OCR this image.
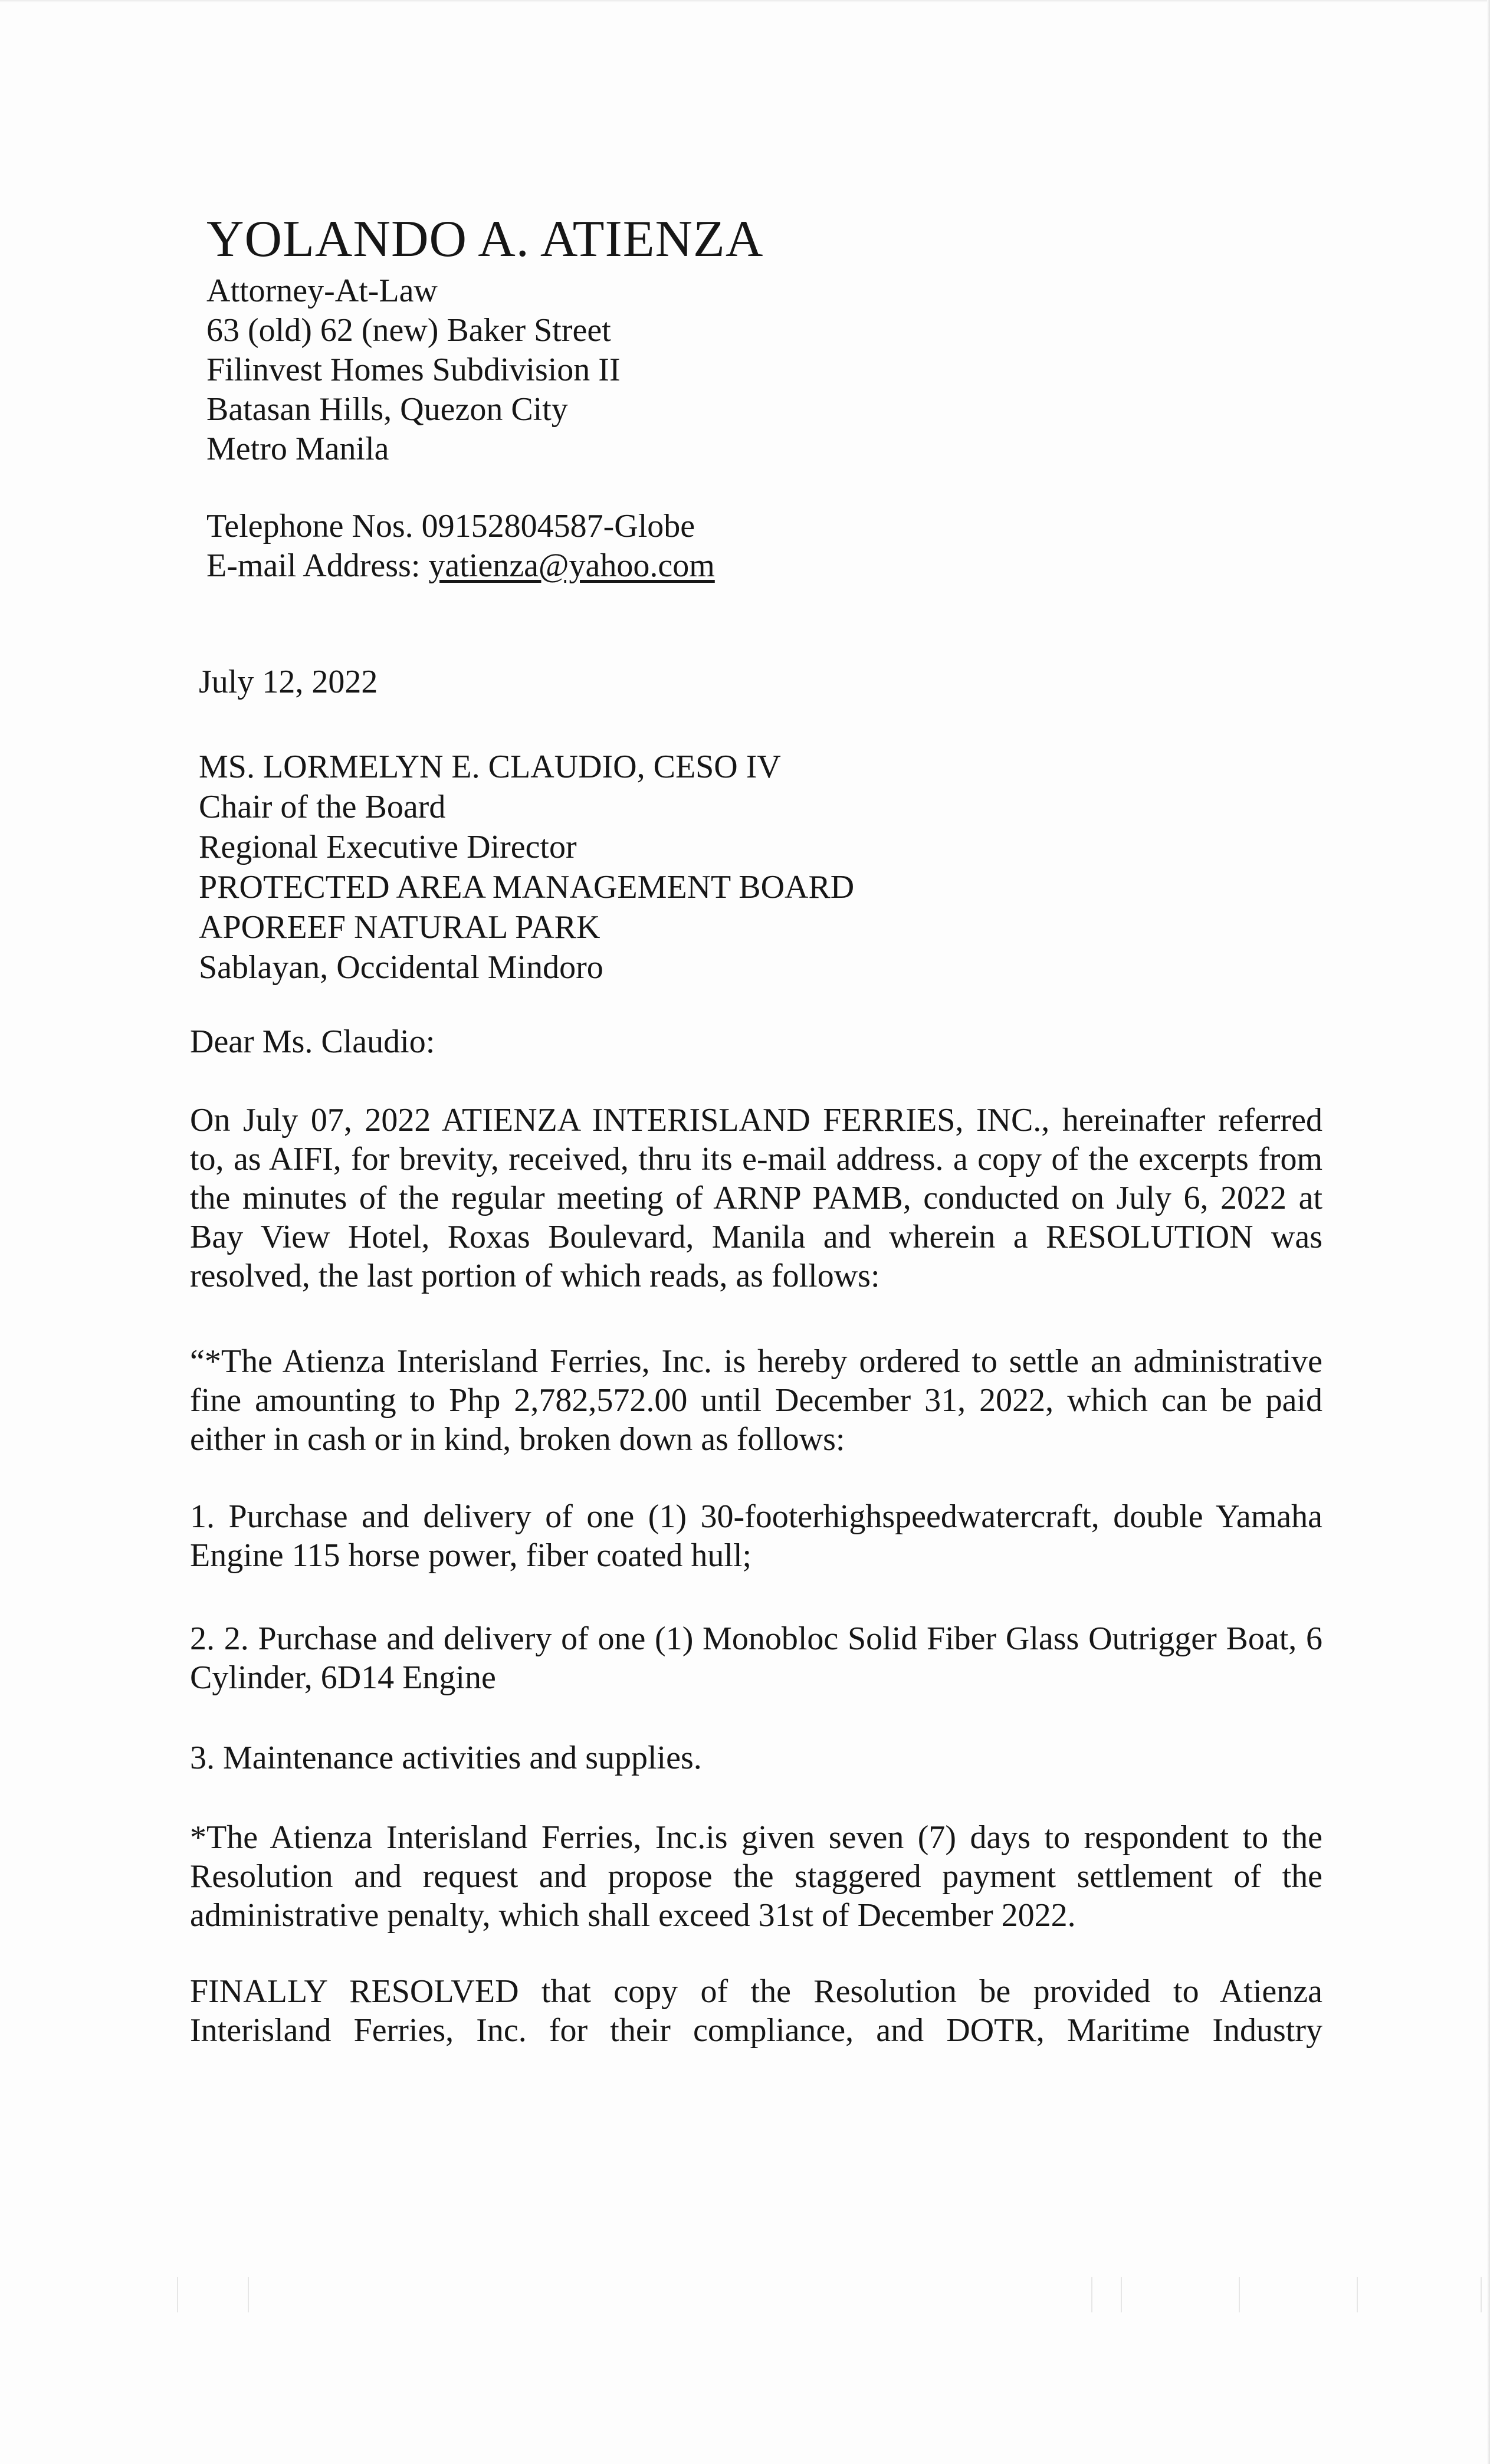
YOLANDO A. ATIENZA

Attorney-At-Law

63 (old) 62 (new) Baker Street

Filinvest Homes Subdivision II

Batasan Hills, Quezon City

Metro Manila

Telephone Nos. 09152804587-Globe

E-mail Address: yatienza@yahoo.com

July 12, 2022

MS. LORMELYN E. CLAUDIO, CESO IV

Chair of the Board

Regional Executive Director

PROTECTED AREA MANAGEMENT BOARD

APOREEF NATURAL PARK

Sablayan, Occidental Mindoro

Dear Ms. Claudio:

On July 07, 2022 ATIENZA INTERISLAND FERRIES, INC., hereinafter referred to, as AIFI, for brevity, received, thru its e-mail address. a copy of the excerpts from the minutes of the regular meeting of ARNP PAMB, conducted on July 6, 2022 at Bay View Hotel, Roxas Boulevard, Manila and wherein a RESOLUTION was resolved, the last portion of which reads, as follows:

“*The Atienza Interisland Ferries, Inc. is hereby ordered to settle an administrative fine amounting to Php 2,782,572.00 until December 31, 2022, which can be paid either in cash or in kind, broken down as follows:

1. Purchase and delivery of one (1) 30-footerhighspeedwatercraft, double Yamaha Engine 115 horse power, fiber coated hull;

2. 2. Purchase and delivery of one (1) Monobloc Solid Fiber Glass Outrigger Boat, 6 Cylinder, 6D14 Engine

3. Maintenance activities and supplies.

*The Atienza Interisland Ferries, Inc.is given seven (7) days to respondent to the Resolution and request and propose the staggered payment settlement of the administrative penalty, which shall exceed 31st of December 2022.

FINALLY RESOLVED that copy of the Resolution be provided to Atienza Interisland Ferries, Inc. for their compliance, and DOTR, Maritime Industry
